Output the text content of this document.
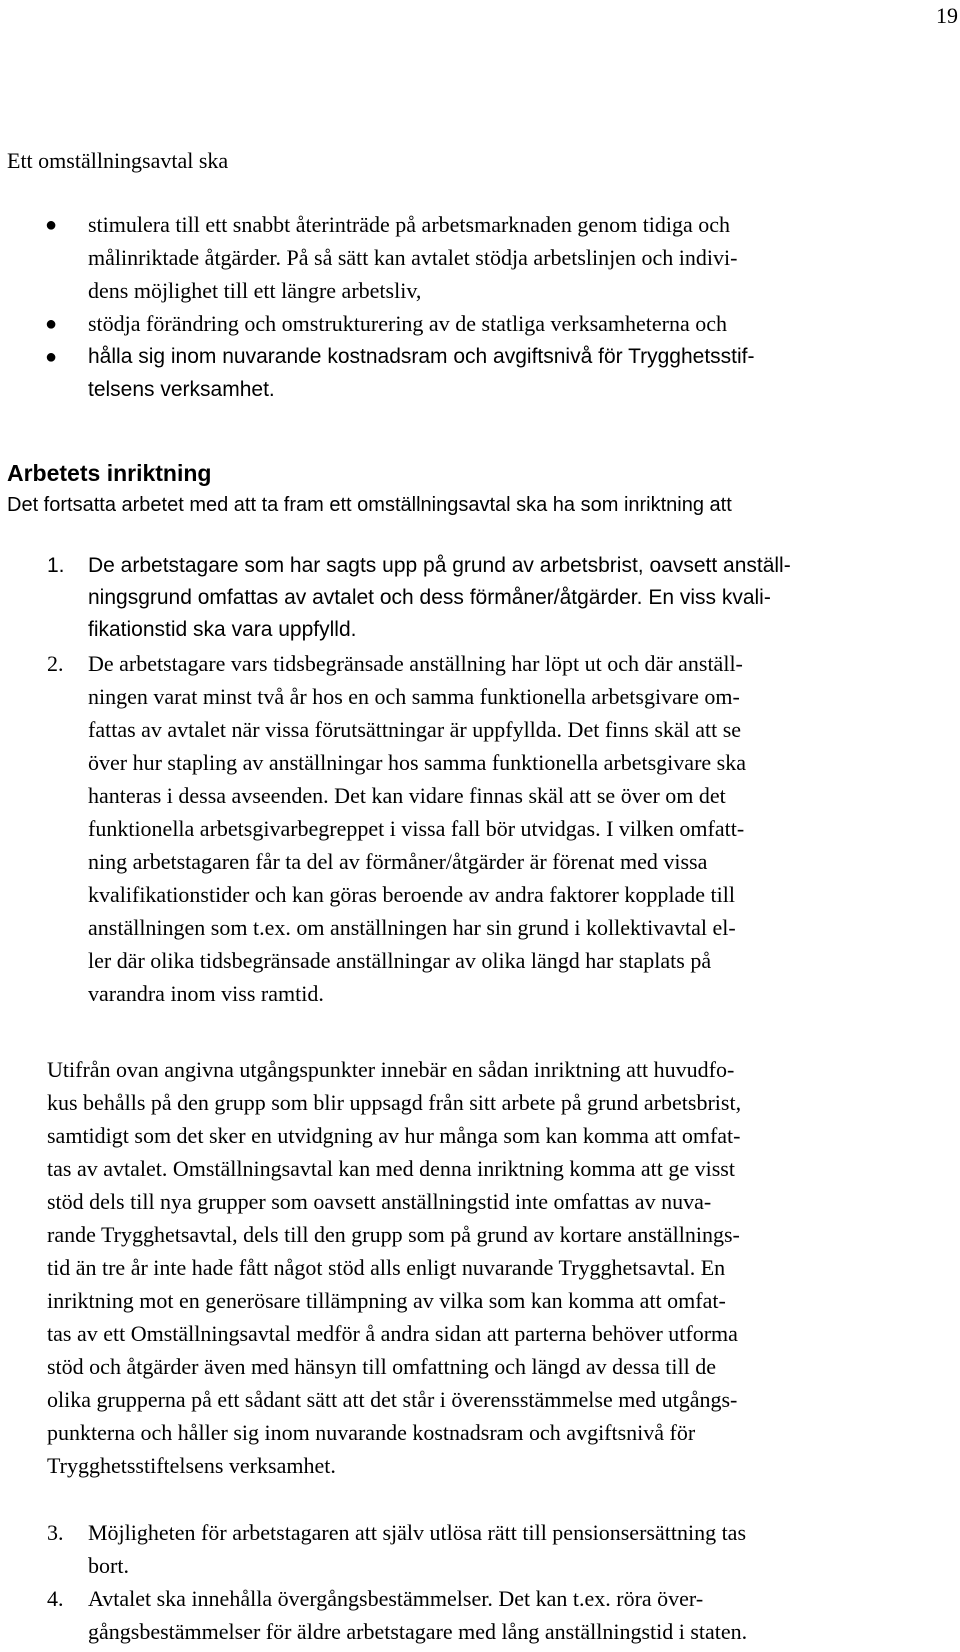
19
Ett omställningsavtal ska
● stimulera till ett snabbt återinträde på arbetsmarknaden genom tidiga och
målinriktade åtgärder. På så sätt kan avtalet stödja arbetslinjen och indivi-
dens möjlighet till ett längre arbetsliv,
● stödja förändring och omstrukturering av de statliga verksamheterna och
● hålla sig inom nuvarande kostnadsram och avgiftsnivå för Trygghetsstif-
telsens verksamhet.
Arbetets inriktning
Det fortsatta arbetet med att ta fram ett omställningsavtal ska ha som inriktning att
1. De arbetstagare som har sagts upp på grund av arbetsbrist, oavsett anställ-
ningsgrund omfattas av avtalet och dess förmåner/åtgärder. En viss kvali-
fikationstid ska vara uppfylld.
2. De arbetstagare vars tidsbegränsade anställning har löpt ut och där anställ-
ningen varat minst två år hos en och samma funktionella arbetsgivare om-
fattas av avtalet när vissa förutsättningar är uppfyllda. Det finns skäl att se
över hur stapling av anställningar hos samma funktionella arbetsgivare ska
hanteras i dessa avseenden. Det kan vidare finnas skäl att se över om det
funktionella arbetsgivarbegreppet i vissa fall bör utvidgas. I vilken omfatt-
ning arbetstagaren får ta del av förmåner/åtgärder är förenat med vissa
kvalifikationstider och kan göras beroende av andra faktorer kopplade till
anställningen som t.ex. om anställningen har sin grund i kollektivavtal el-
ler där olika tidsbegränsade anställningar av olika längd har staplats på
varandra inom viss ramtid.
Utifrån ovan angivna utgångspunkter innebär en sådan inriktning att huvudfo-
kus behålls på den grupp som blir uppsagd från sitt arbete på grund arbetsbrist,
samtidigt som det sker en utvidgning av hur många som kan komma att omfat-
tas av avtalet. Omställningsavtal kan med denna inriktning komma att ge visst
stöd dels till nya grupper som oavsett anställningstid inte omfattas av nuva-
rande Trygghetsavtal, dels till den grupp som på grund av kortare anställnings-
tid än tre år inte hade fått något stöd alls enligt nuvarande Trygghetsavtal. En
inriktning mot en generösare tillämpning av vilka som kan komma att omfat-
tas av ett Omställningsavtal medför å andra sidan att parterna behöver utforma
stöd och åtgärder även med hänsyn till omfattning och längd av dessa till de
olika grupperna på ett sådant sätt att det står i överensstämmelse med utgångs-
punkterna och håller sig inom nuvarande kostnadsram och avgiftsnivå för
Trygghetsstiftelsens verksamhet.
3. Möjligheten för arbetstagaren att själv utlösa rätt till pensionsersättning tas
bort.
4. Avtalet ska innehålla övergångsbestämmelser. Det kan t.ex. röra över-
gångsbestämmelser för äldre arbetstagare med lång anställningstid i staten.
